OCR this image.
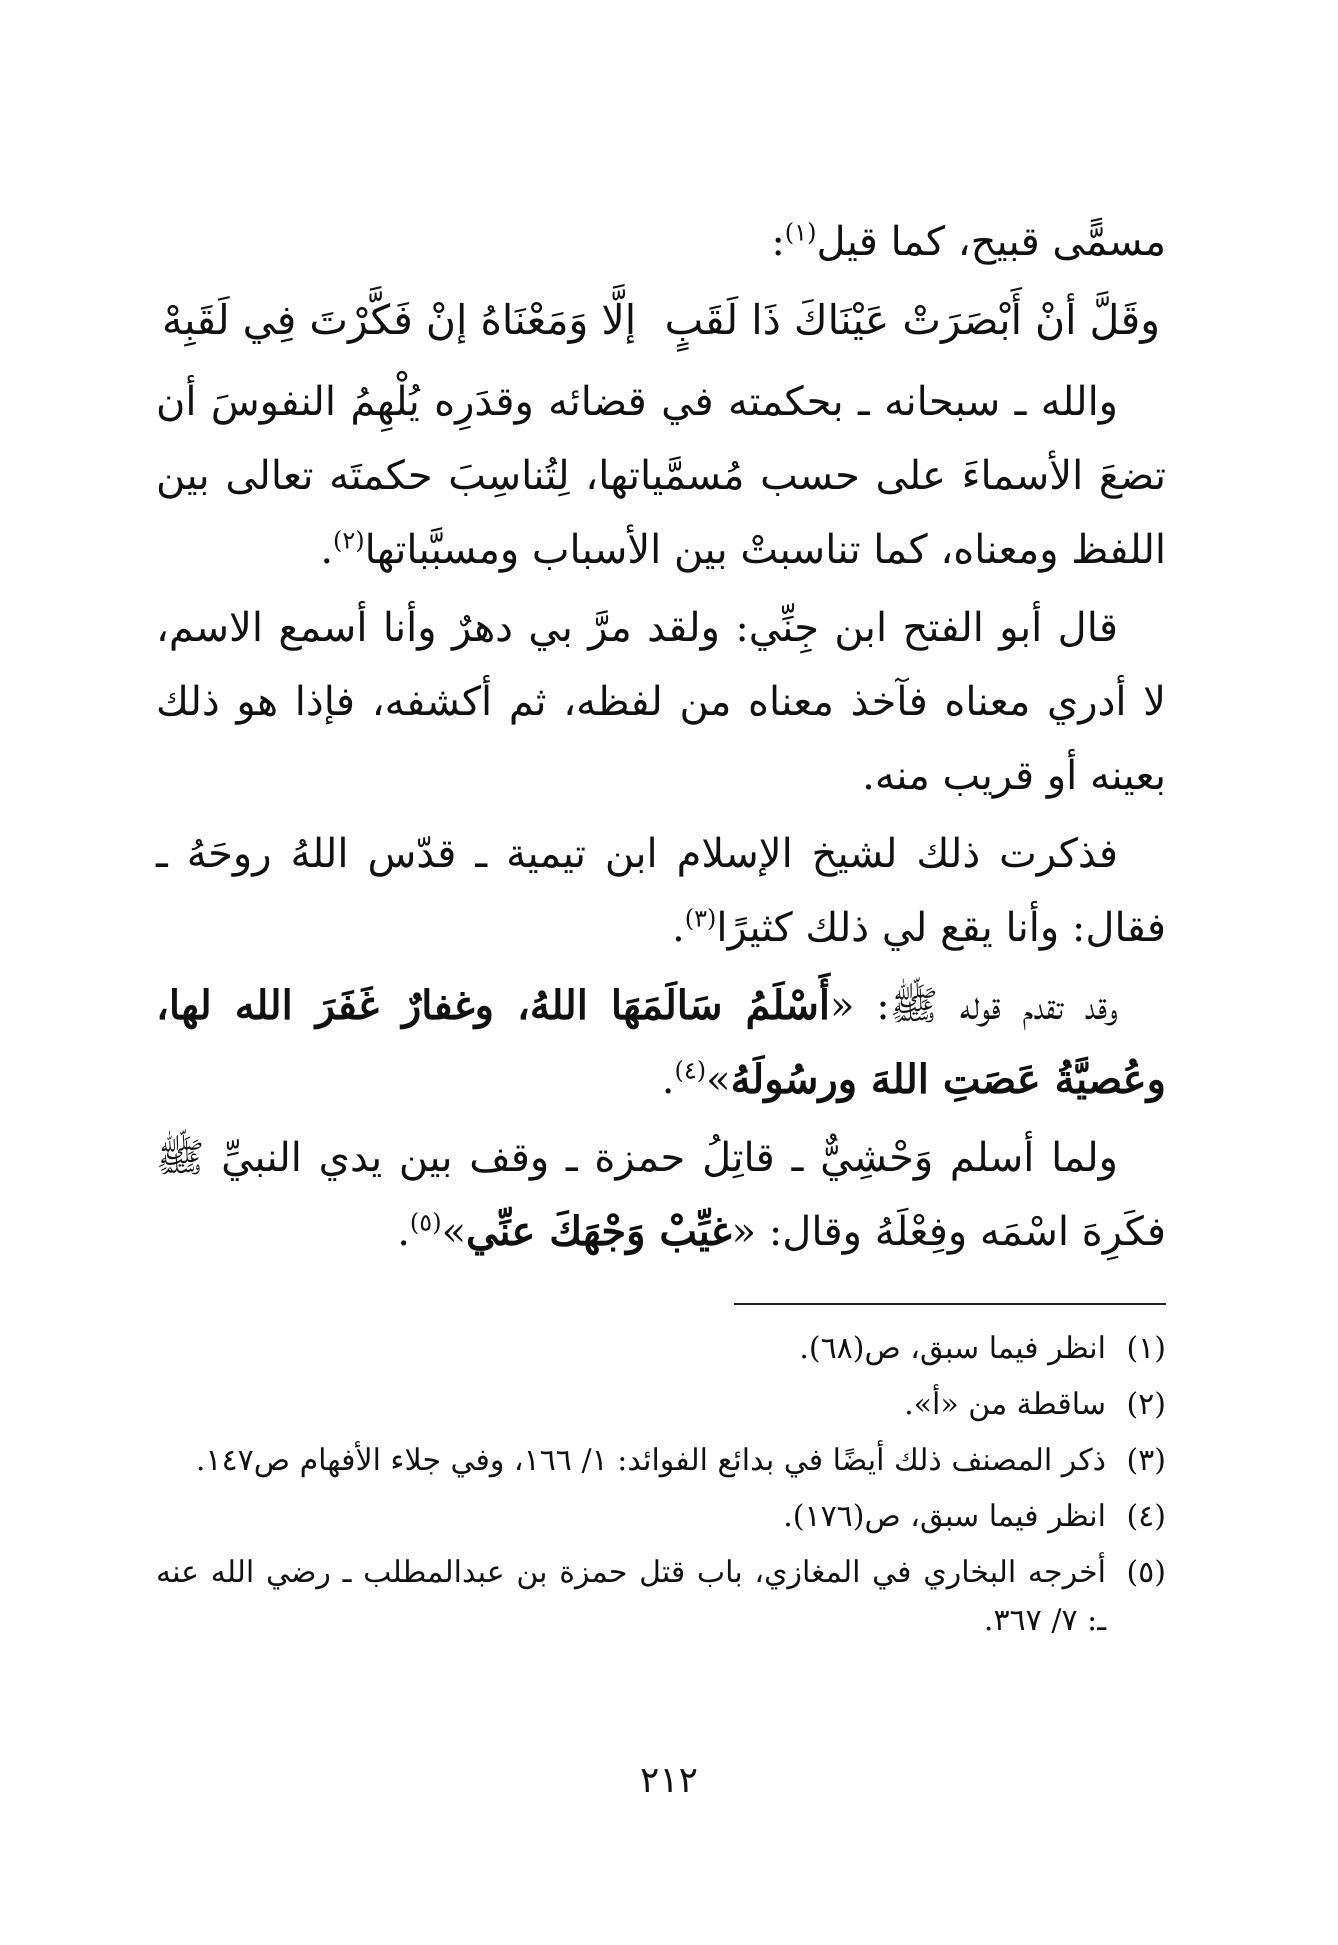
مسمًّى قبيح، كما قيل$^{(١)}$:

وقَلَّ أنْ أَبْصَرَتْ عَيْنَاكَ ذَا لَقَبٍ
إلَّا وَمَعْنَاهُ إنْ فَكَّرْتَ فِي لَقَبِهْ

والله ـ سبحانه ـ بحكمته في قضائه وقدَرِه يُلْهِمُ النفوسَ أن تضعَ الأسماءَ على حسب مُسمَّياتها، لِتُناسِبَ حكمتَه تعالى بين اللفظ ومعناه، كما تناسبتْ بين الأسباب ومسبَّباتها$^{(٢)}$.

قال أبو الفتح ابن جِنِّي: ولقد مرَّ بي دهرٌ وأنا أسمع الاسم، لا أدري معناه فآخذ معناه من لفظه، ثم أكشفه، فإذا هو ذلك بعينه أو قريب منه.

فذكرت ذلك لشيخ الإسلام ابن تيمية ـ قدّس اللهُ روحَهُ ـ فقال: وأنا يقع لي ذلك كثيرًا$^{(٣)}$.

وقد تقدم قوله ﷺ: «أَسْلَمُ سَالَمَهَا اللهُ، وغفارٌ غَفَرَ الله لها، وعُصيَّةُ عَصَتِ اللهَ ورسُولَهُ»$^{(٤)}$.

ولما أسلم وَحْشِيٌّ ـ قاتِلُ حمزة ـ وقف بين يدي النبيِّ ﷺ فكَرِهَ اسْمَه وفِعْلَهُ وقال: «غيِّبْ وَجْهَكَ عنِّي»$^{(٥)}$.

(١)
انظر فيما سبق، ص(٦٨).
(٢)
ساقطة من «أ».
(٣)
ذكر المصنف ذلك أيضًا في بدائع الفوائد: ١/ ١٦٦، وفي جلاء الأفهام ص١٤٧.
(٤)
انظر فيما سبق، ص(١٧٦).
(٥)
أخرجه البخاري في المغازي، باب قتل حمزة بن عبدالمطلب ـ رضي الله عنه ـ: ٧/ ٣٦٧.
٢١٢
